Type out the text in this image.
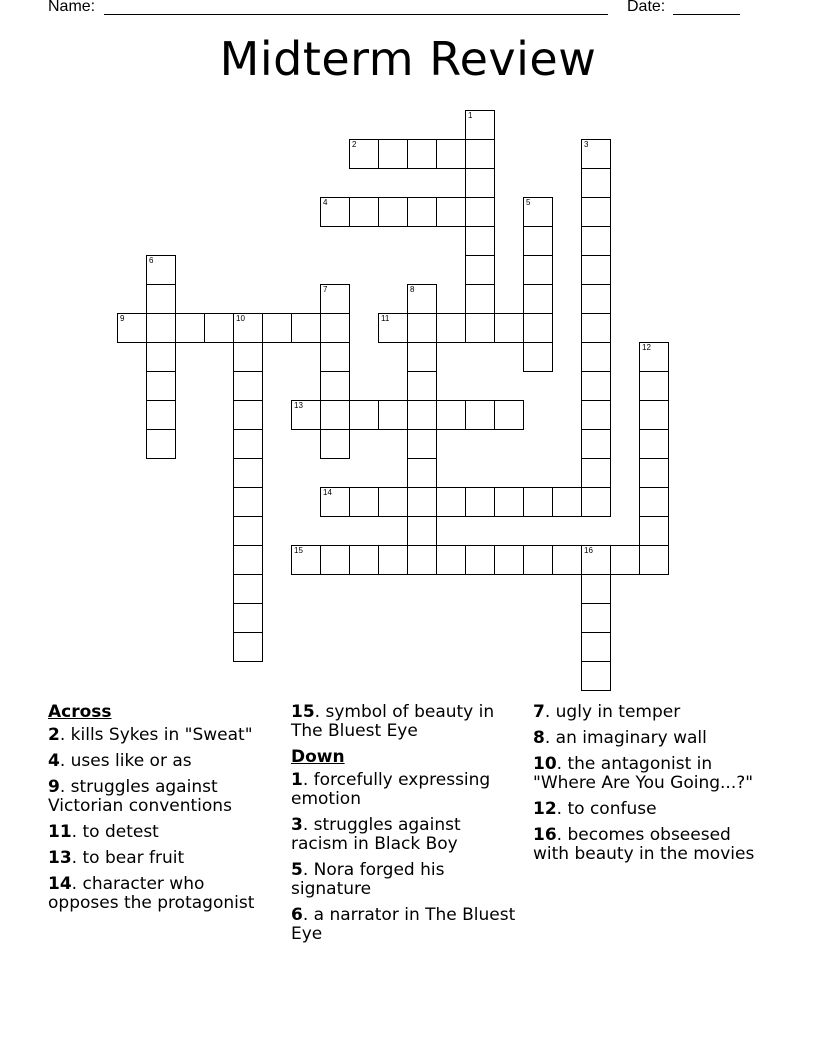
Name:	Date:
Midterm Review
1
2	3
4	5
6
7	8
9	10	11
12
13
14
15	16
Across
2. kills Sykes in "Sweat"
4. uses like or as
9. struggles against Victorian conventions
11. to detest
13. to bear fruit
14. character who opposes the protagonist
15. symbol of beauty in The Bluest Eye
Down
1. forcefully expressing emotion
3. struggles against racism in Black Boy
5. Nora forged his signature
6. a narrator in The Bluest Eye
7. ugly in temper
8. an imaginary wall
10. the antagonist in "Where Are You Going...?"
12. to confuse
16. becomes obseesed with beauty in the movies
